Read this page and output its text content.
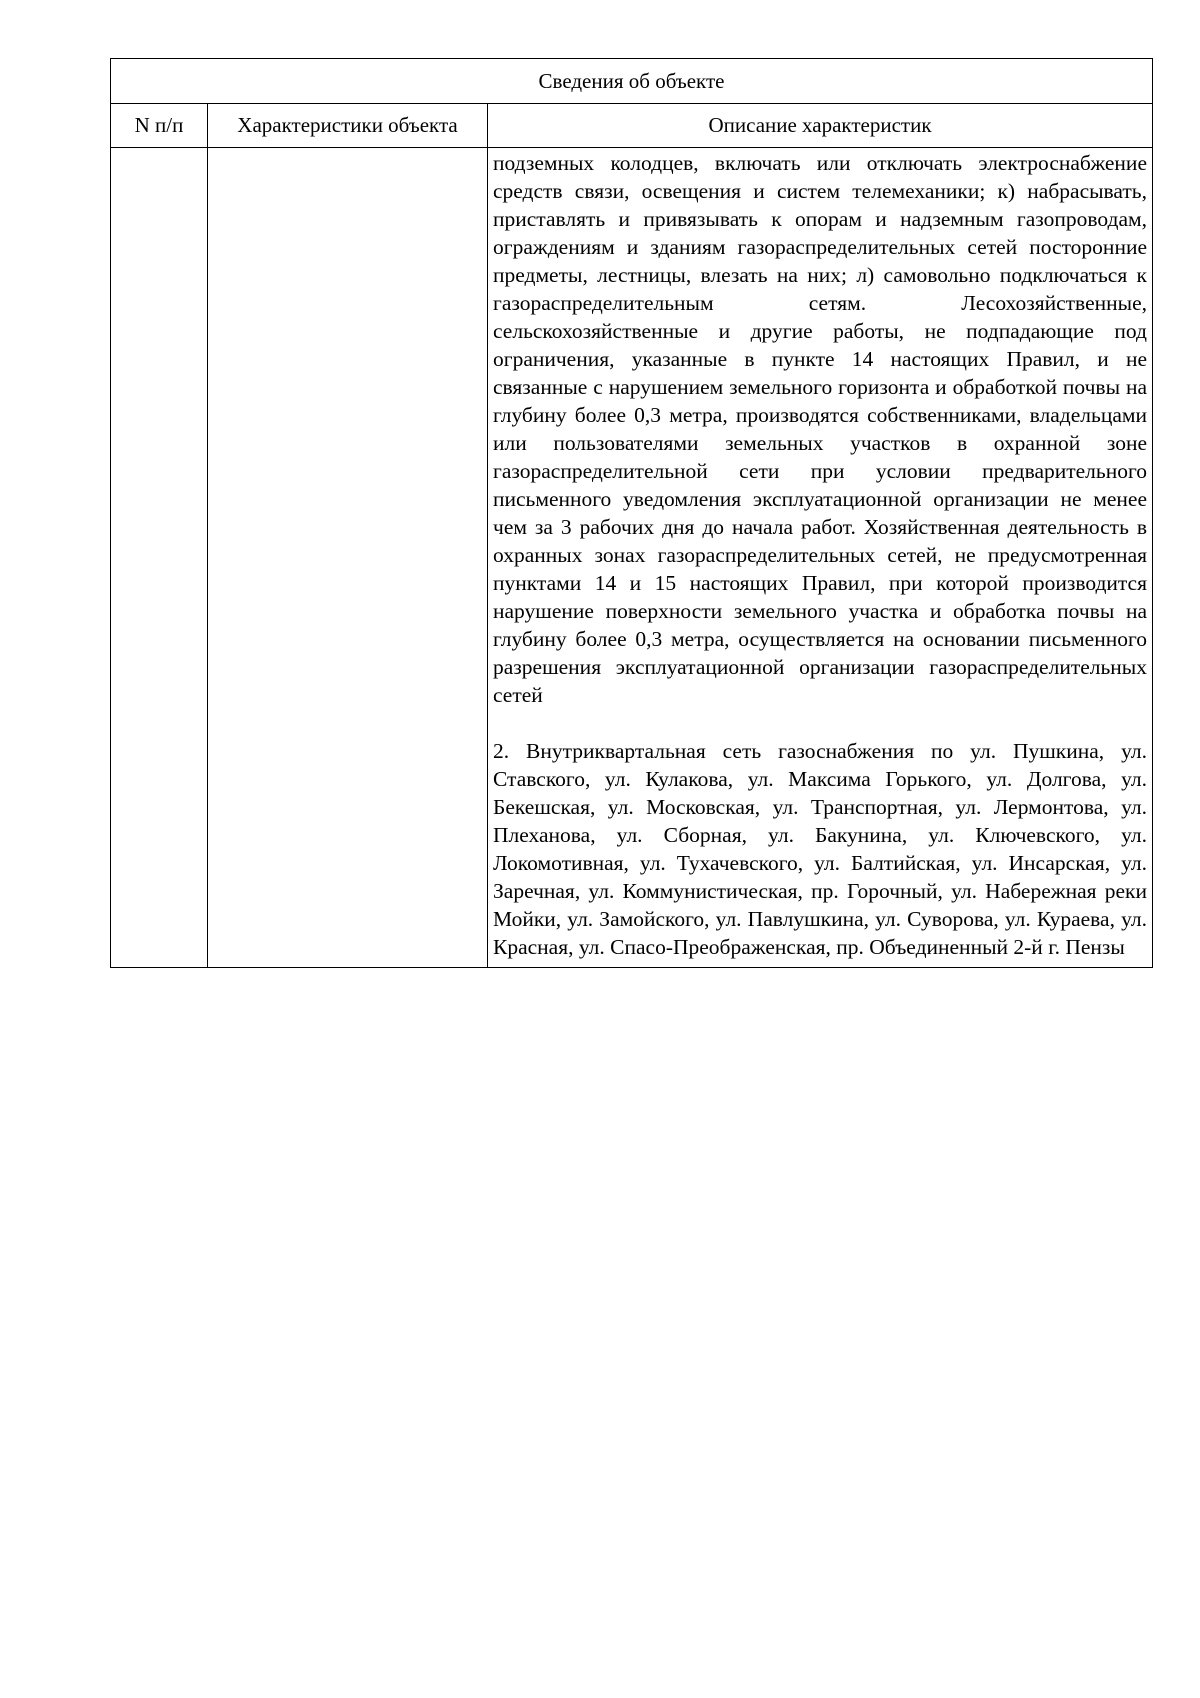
Сведения об объекте		
N п/п	Характеристики объекта	Описание характеристик

		подземных колодцев, включать или отключать электроснабжение средств связи, освещения и систем телемеханики; к) набрасывать, приставлять и привязывать к опорам и надземным газопроводам, ограждениям и зданиям газораспределительных сетей посторонние предметы, лестницы, влезать на них; л) самовольно подключаться к газораспределительным сетям. Лесохозяйственные, сельскохозяйственные и другие работы, не подпадающие под ограничения, указанные в пункте 14 настоящих Правил, и не связанные с нарушением земельного горизонта и обработкой почвы на глубину более 0,3 метра, производятся собственниками, владельцами или пользователями земельных участков в охранной зоне газораспределительной сети при условии предварительного письменного уведомления эксплуатационной организации не менее чем за 3 рабочих дня до начала работ. Хозяйственная деятельность в охранных зонах газораспределительных сетей, не предусмотренная пунктами 14 и 15 настоящих Правил, при которой производится нарушение поверхности земельного участка и обработка почвы на глубину более 0,3 метра, осуществляется на основании письменного разрешения эксплуатационной организации газораспределительных сетей

2. Внутриквартальная сеть газоснабжения по ул. Пушкина, ул. Ставского, ул. Кулакова, ул. Максима Горького, ул. Долгова, ул. Бекешская, ул. Московская, ул. Транспортная, ул. Лермонтова, ул. Плеханова, ул. Сборная, ул. Бакунина, ул. Ключевского, ул. Локомотивная, ул. Тухачевского, ул. Балтийская, ул. Инсарская, ул. Заречная, ул. Коммунистическая, пр. Горочный, ул. Набережная реки Мойки, ул. Замойского, ул. Павлушкина, ул. Суворова, ул. Кураева, ул. Красная, ул. Спасо-Преображенская, пр. Объединенный 2-й г. Пензы
